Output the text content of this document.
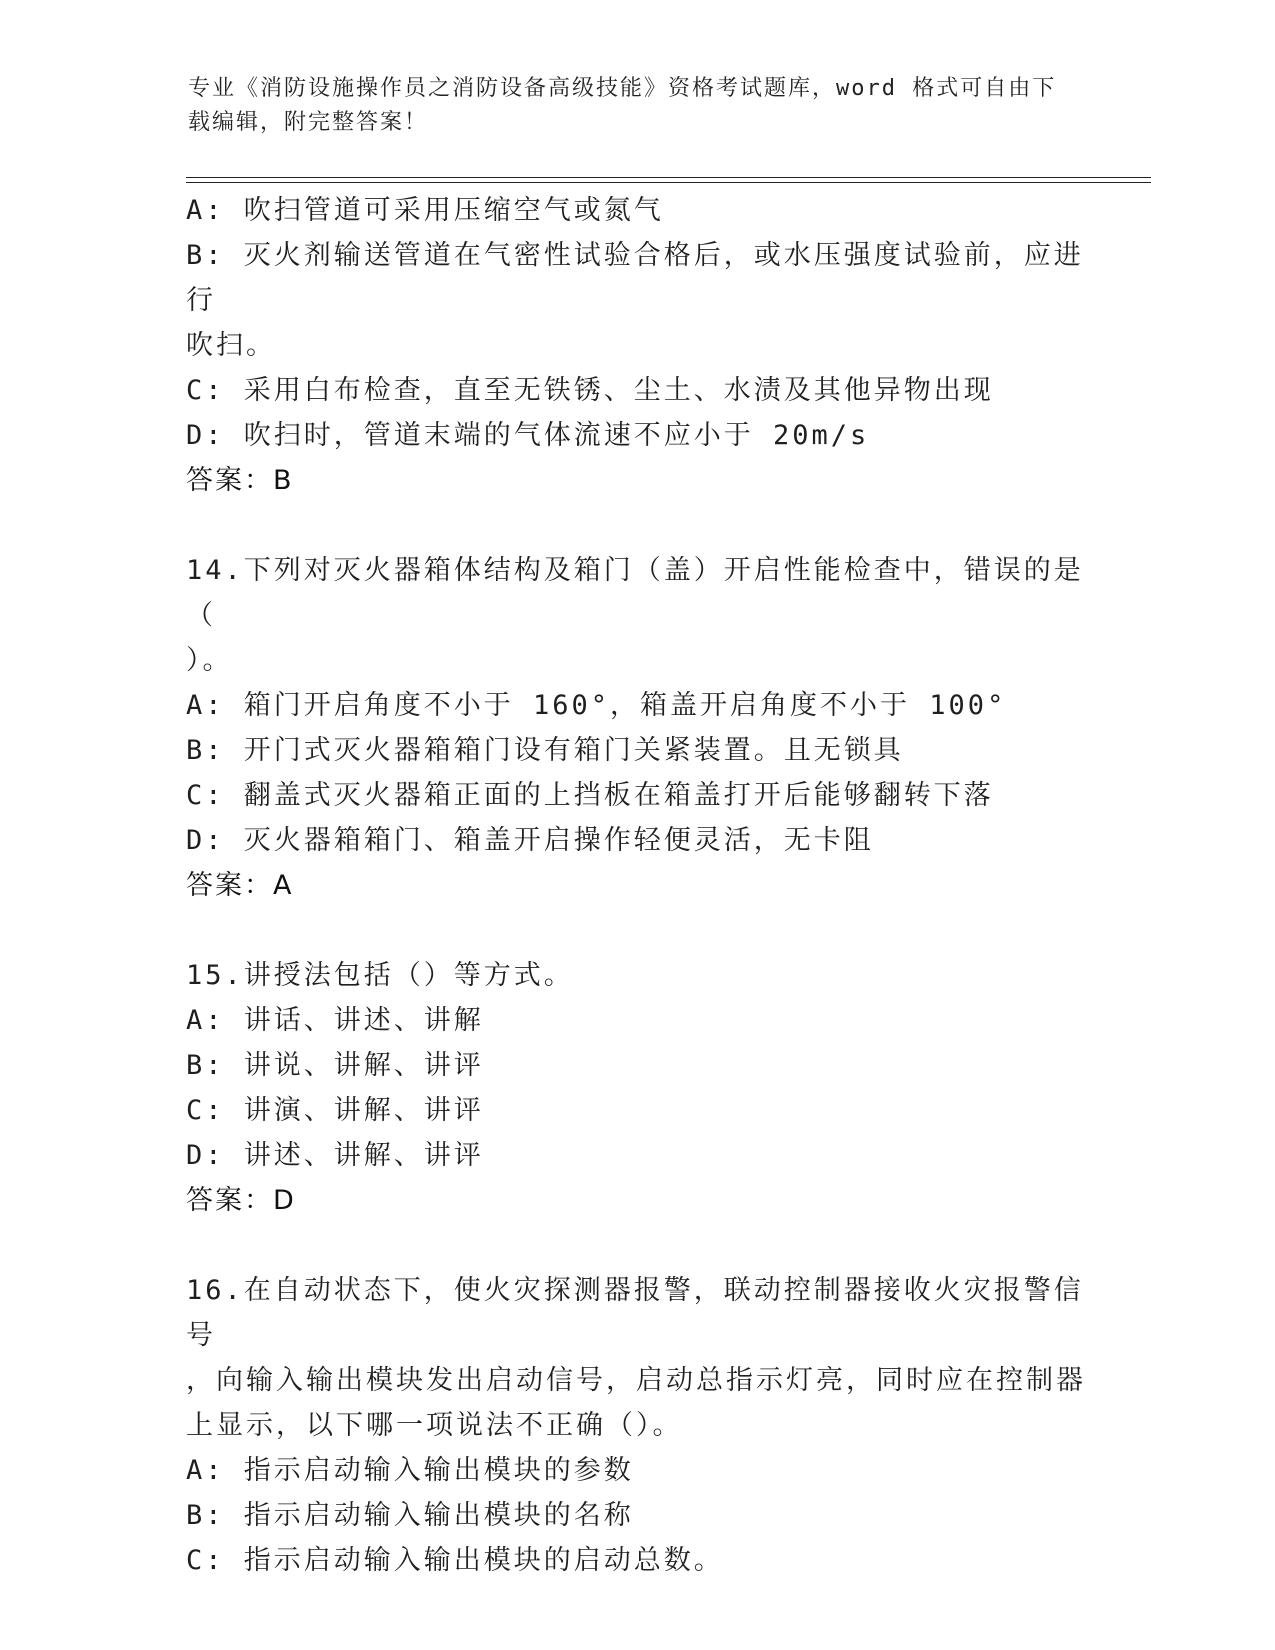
专业《消防设施操作员之消防设备高级技能》资格考试题库，word 格式可自由下
载编辑，附完整答案！
A: 吹扫管道可采用压缩空气或氮气
B: 灭火剂输送管道在气密性试验合格后，或水压强度试验前，应进行
吹扫。
C: 采用白布检查，直至无铁锈、尘土、水渍及其他异物出现
D: 吹扫时，管道末端的气体流速不应小于 20m/s
答案：B
14.下列对灭火器箱体结构及箱门（盖）开启性能检查中，错误的是（
）。
A: 箱门开启角度不小于 160°，箱盖开启角度不小于 100°
B: 开门式灭火器箱箱门设有箱门关紧装置。且无锁具
C: 翻盖式灭火器箱正面的上挡板在箱盖打开后能够翻转下落
D: 灭火器箱箱门、箱盖开启操作轻便灵活，无卡阻
答案：A
15.讲授法包括（）等方式。
A: 讲话、讲述、讲解
B: 讲说、讲解、讲评
C: 讲演、讲解、讲评
D: 讲述、讲解、讲评
答案：D
16.在自动状态下，使火灾探测器报警，联动控制器接收火灾报警信号
，向输入输出模块发出启动信号，启动总指示灯亮，同时应在控制器
上显示，以下哪一项说法不正确（）。
A: 指示启动输入输出模块的参数
B: 指示启动输入输出模块的名称
C: 指示启动输入输出模块的启动总数。
